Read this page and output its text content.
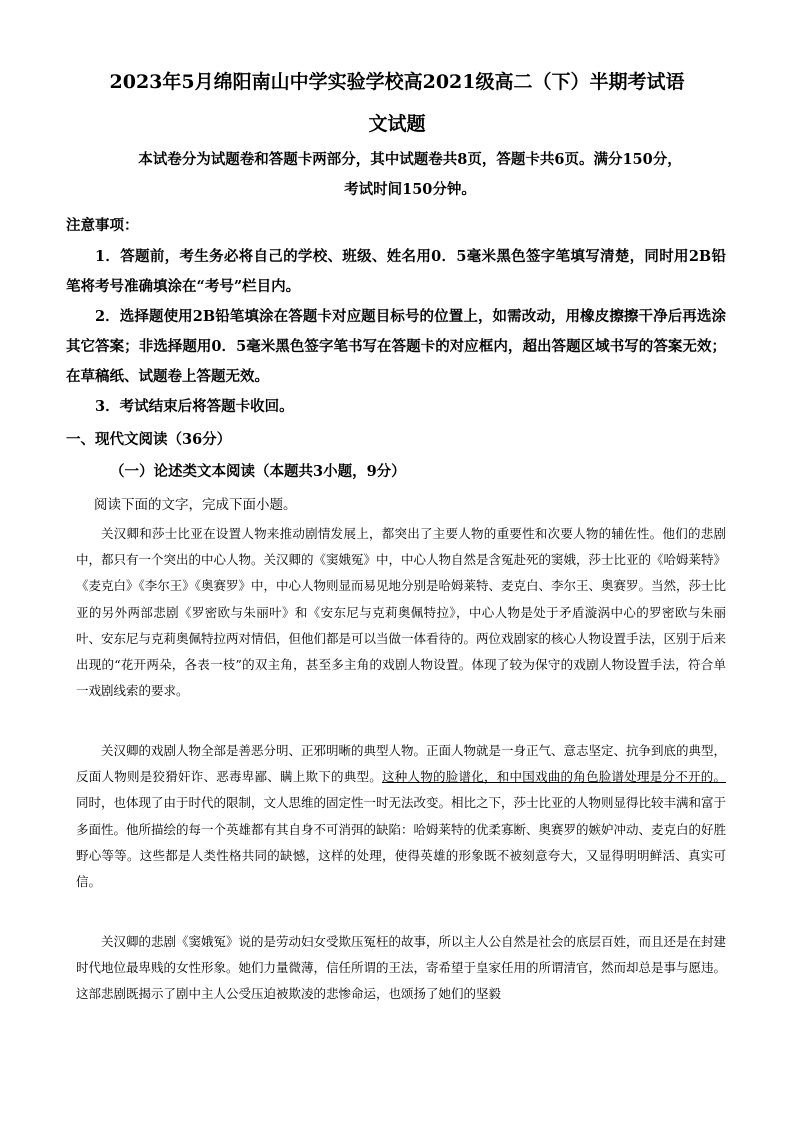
2023年5月绵阳南山中学实验学校高2021级高二（下）半期考试语
文试题
本试卷分为试题卷和答题卡两部分，其中试题卷共8页，答题卡共6页。满分150分，
考试时间150分钟。
注意事项：
1．答题前，考生务必将自己的学校、班级、姓名用0．5毫米黑色签字笔填写清楚，同时用2B铅笔将考号准确填涂在“考号”栏目内。
2．选择题使用2B铅笔填涂在答题卡对应题目标号的位置上，如需改动，用橡皮擦擦干净后再选涂其它答案；非选择题用0．5毫米黑色签字笔书写在答题卡的对应框内，超出答题区域书写的答案无效；在草稿纸、试题卷上答题无效。
3．考试结束后将答题卡收回。
一、现代文阅读（36分）
（一）论述类文本阅读（本题共3小题，9分）
阅读下面的文字，完成下面小题。
关汉卿和莎士比亚在设置人物来推动剧情发展上，都突出了主要人物的重要性和次要人物的辅佐性。他们的悲剧中，都只有一个突出的中心人物。关汉卿的《窦娥冤》中，中心人物自然是含冤赴死的窦娥，莎士比亚的《哈姆莱特》《麦克白》《李尔王》《奥赛罗》中，中心人物则显而易见地分别是哈姆莱特、麦克白、李尔王、奥赛罗。当然，莎士比亚的另外两部悲剧《罗密欧与朱丽叶》和《安东尼与克莉奥佩特拉》，中心人物是处于矛盾漩涡中心的罗密欧与朱丽叶、安东尼与克莉奥佩特拉两对情侣，但他们都是可以当做一体看待的。两位戏剧家的核心人物设置手法，区别于后来出现的“花开两朵，各表一枝”的双主角，甚至多主角的戏剧人物设置。体现了较为保守的戏剧人物设置手法，符合单一戏剧线索的要求。
关汉卿的戏剧人物全部是善恶分明、正邪明晰的典型人物。正面人物就是一身正气、意志坚定、抗争到底的典型，反面人物则是狡猾奸诈、恶毒卑鄙、瞒上欺下的典型。这种人物的脸谱化，和中国戏曲的角色脸谱处理是分不开的。同时，也体现了由于时代的限制，文人思维的固定性一时无法改变。相比之下，莎士比亚的人物则显得比较丰满和富于多面性。他所描绘的每一个英雄都有其自身不可消弭的缺陷：哈姆莱特的优柔寡断、奥赛罗的嫉妒冲动、麦克白的好胜野心等等。这些都是人类性格共同的缺憾，这样的处理，使得英雄的形象既不被刻意夸大，又显得明明鲜活、真实可信。
关汉卿的悲剧《窦娥冤》说的是劳动妇女受欺压冤枉的故事，所以主人公自然是社会的底层百姓，而且还是在封建时代地位最卑贱的女性形象。她们力量微薄，信任所谓的王法，寄希望于皇家任用的所谓清官，然而却总是事与愿违。这部悲剧既揭示了剧中主人公受压迫被欺凌的悲惨命运，也颂扬了她们的坚毅
